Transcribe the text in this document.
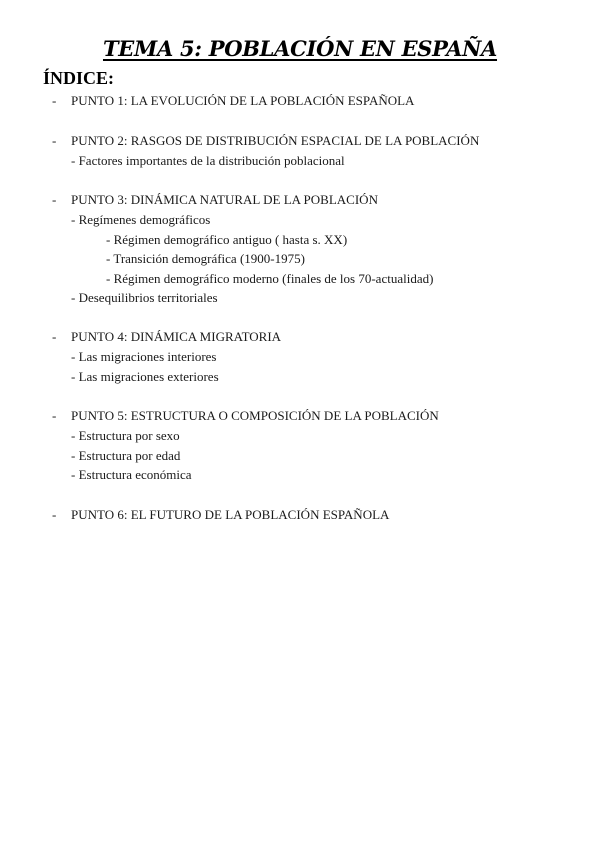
TEMA 5: POBLACIÓN EN ESPAÑA
ÍNDICE:
- PUNTO 1: LA EVOLUCIÓN DE LA POBLACIÓN ESPAÑOLA
- PUNTO 2: RASGOS DE DISTRIBUCIÓN ESPACIAL DE LA POBLACIÓN
- Factores importantes de la distribución poblacional
- PUNTO 3: DINÁMICA NATURAL DE LA POBLACIÓN
- Regímenes demográficos
- Régimen demográfico antiguo ( hasta s. XX)
- Transición demográfica (1900-1975)
- Régimen demográfico moderno (finales de los 70-actualidad)
- Desequilibrios territoriales
- PUNTO 4: DINÁMICA MIGRATORIA
- Las migraciones interiores
- Las migraciones exteriores
- PUNTO 5: ESTRUCTURA O COMPOSICIÓN DE LA POBLACIÓN
- Estructura por sexo
- Estructura por edad
- Estructura económica
- PUNTO 6: EL FUTURO DE LA POBLACIÓN ESPAÑOLA
